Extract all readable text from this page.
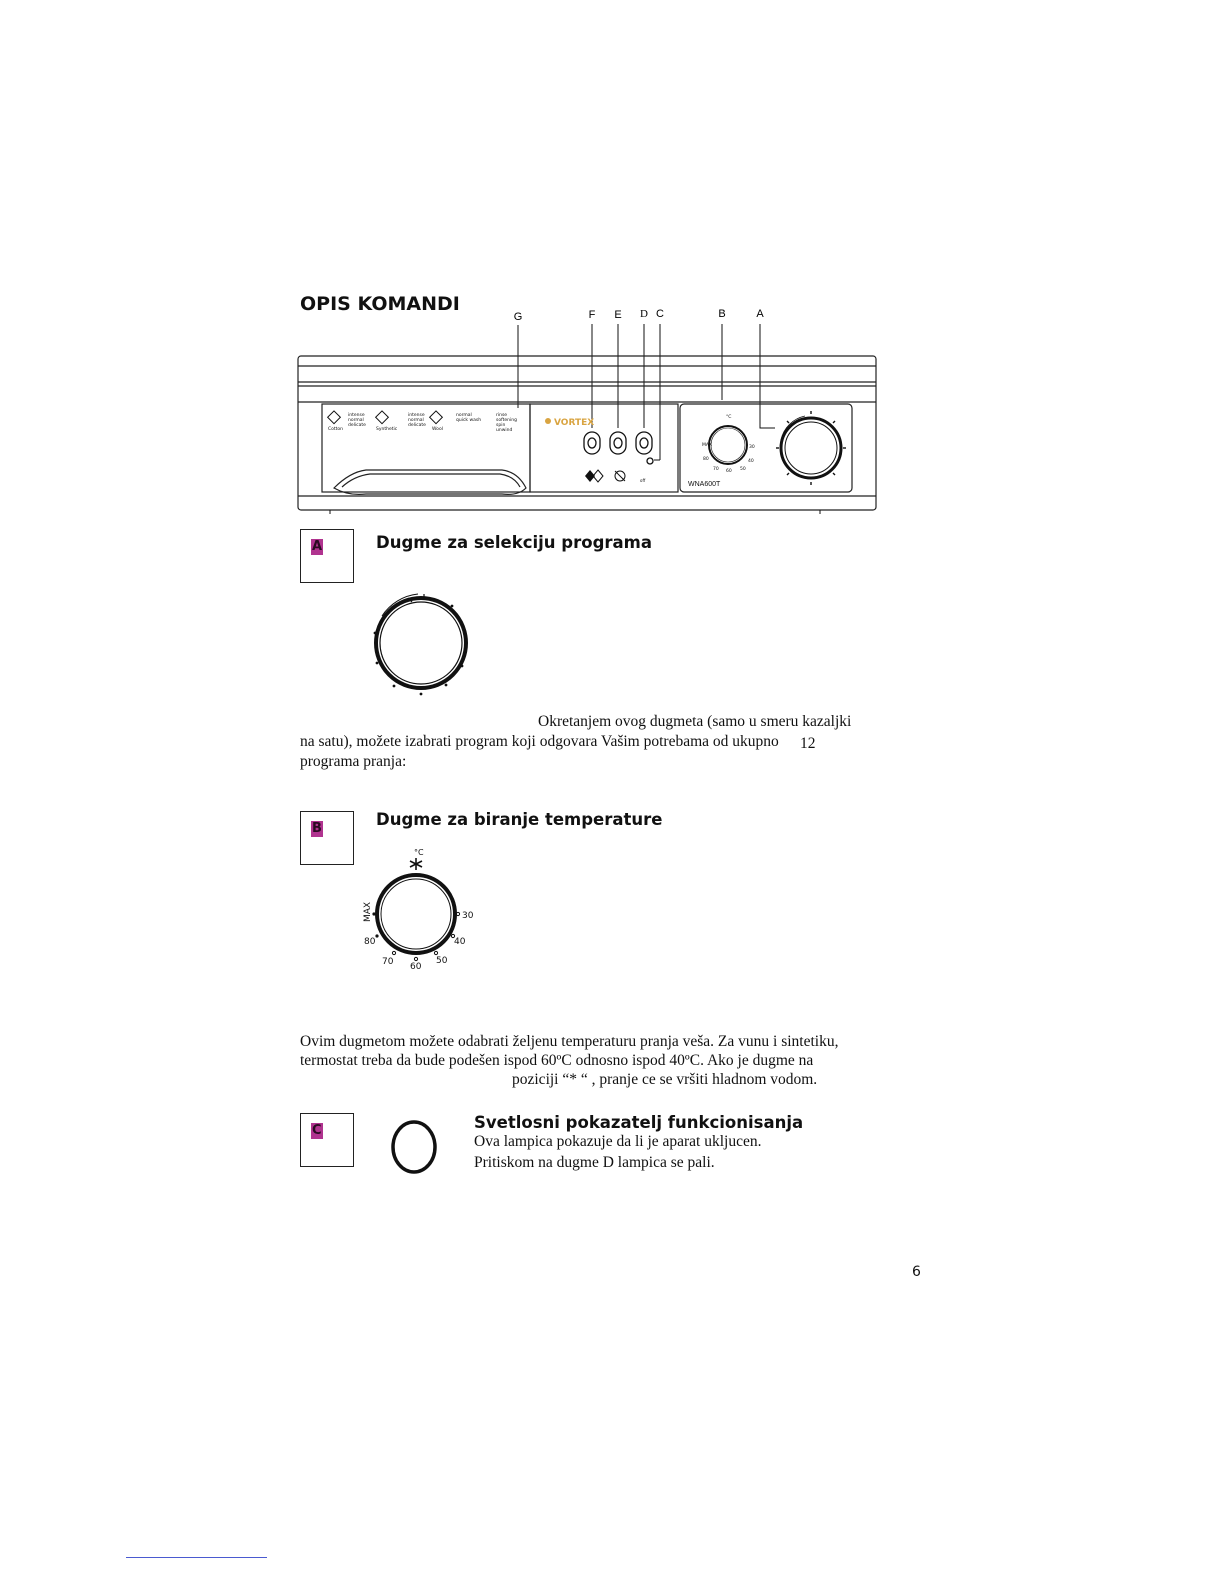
OPIS KOMANDI
G	F E D C	B	A
Cotton
intense
normal
delicate
Synthetic
intense
normal
delicate
Wool
normal
quick wash
rinse
softening
spin
unwind
VORTEX
off
°C
30
40
50
60
70
80
MAX
WNA600T
A	Dugme za selekciju programa
Okretanjem ovog dugmeta (samo u smeru kazaljki
na satu), možete izabrati program koji odgovara Vašim potrebama od ukupno 12
programa pranja:
B	Dugme za biranje temperature
°C
MAX	30
40
50
60
70
80
Ovim dugmetom možete odabrati željenu temperaturu pranja veša. Za vunu i sintetiku,
termostat treba da bude podešen ispod 60ºC odnosno ispod 40ºC. Ako je dugme na
poziciji “* “ , pranje ce se vršiti hladnom vodom.
C	Svetlosni pokazatelj funkcionisanja
Ova lampica pokazuje da li je aparat ukljucen.
Pritiskom na dugme D lampica se pali.
6
